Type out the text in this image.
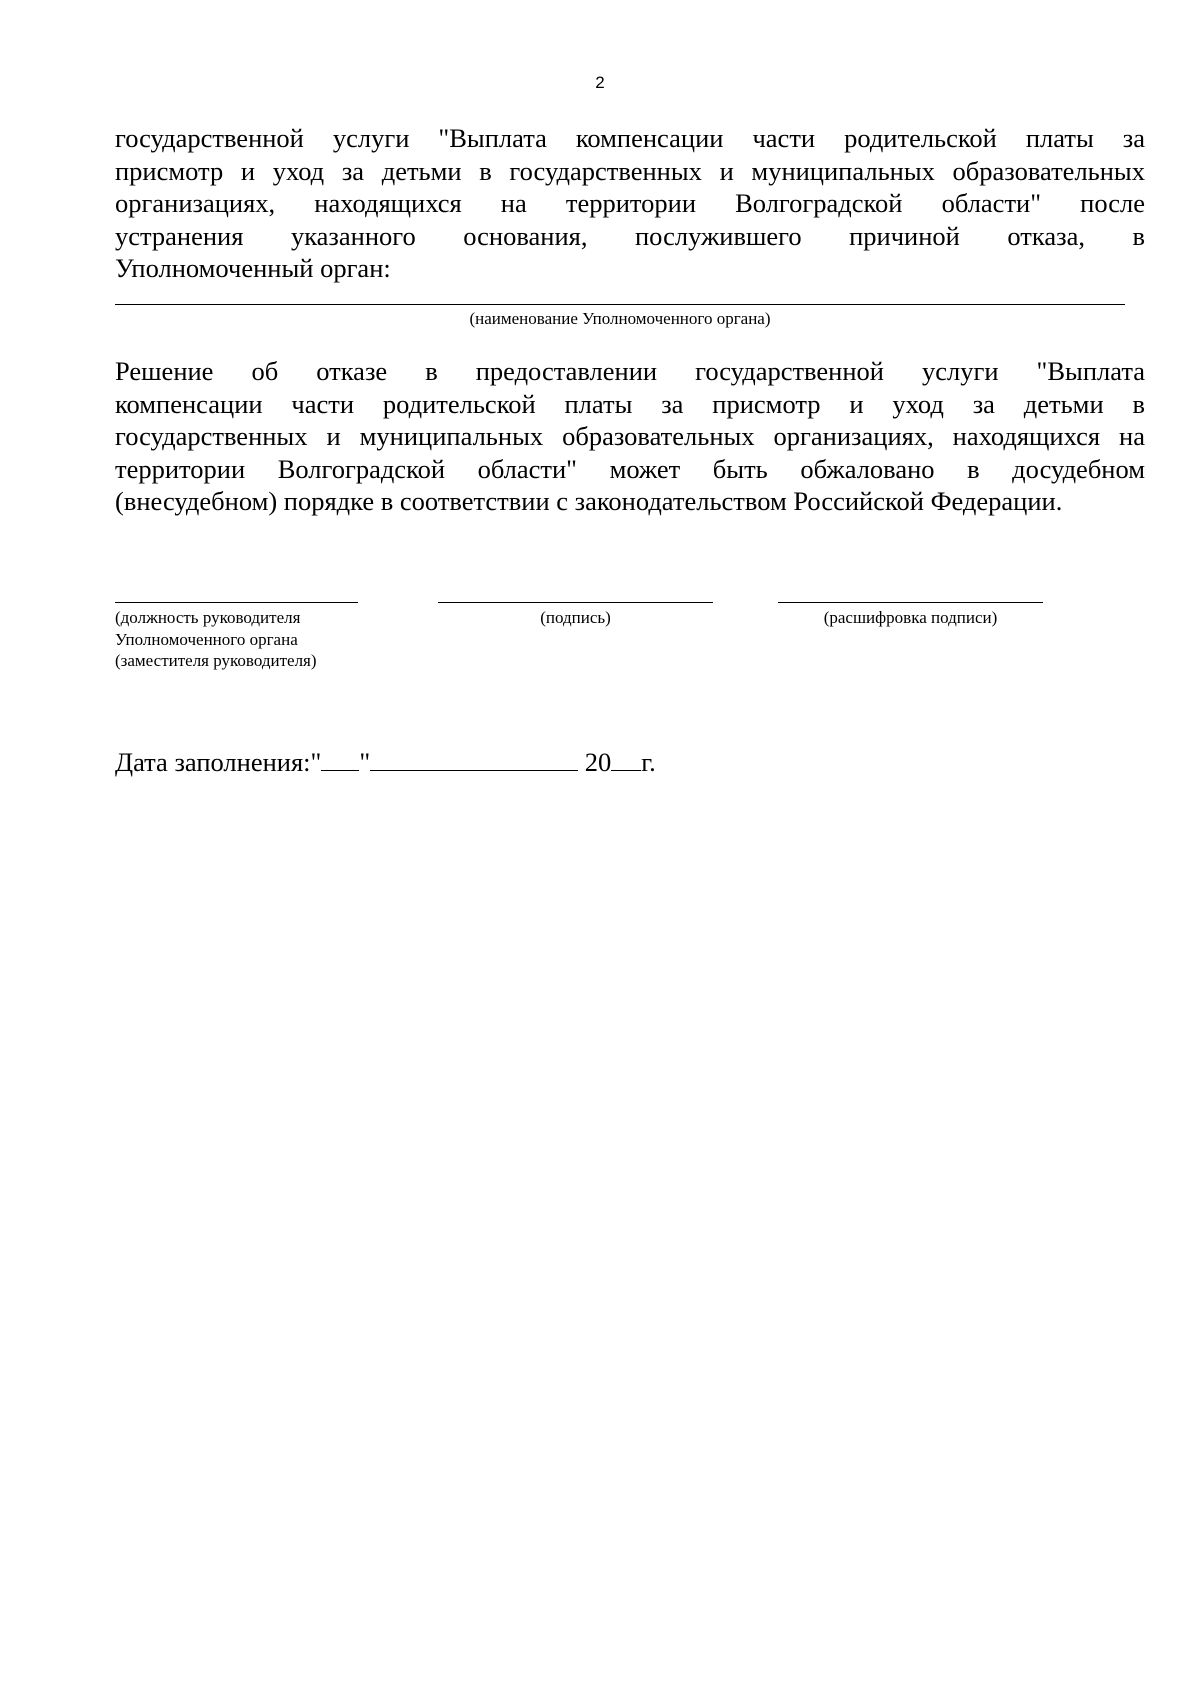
2
государственной услуги "Выплата компенсации части родительской платы за
присмотр и уход за детьми в государственных и муниципальных образовательных
организациях, находящихся на территории Волгоградской области" после
устранения указанного основания, послужившего причиной отказа, в
Уполномоченный орган:
(наименование Уполномоченного органа)
Решение об отказе в предоставлении государственной услуги "Выплата
компенсации части родительской платы за присмотр и уход за детьми в
государственных и муниципальных образовательных организациях, находящихся на
территории Волгоградской области" может быть обжаловано в досудебном
(внесудебном) порядке в соответствии с законодательством Российской Федерации.
(должность руководителя
Уполномоченного органа
(заместителя руководителя)
(подпись)	(расшифровка подписи)
Дата заполнения:" "	20 г.
